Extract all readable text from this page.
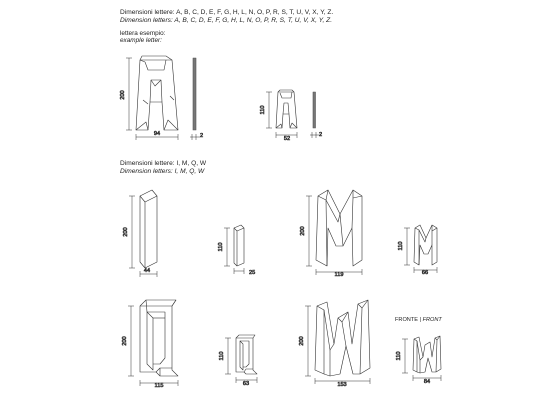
Dimensioni lettere: A, B, C, D, E, F, G, H, L, N, O, P, R, S, T, U, V, X, Y, Z.
Dimension letters: A, B, C, D, E, F, G, H, L, N, O, P, R, S, T, U, V, X, Y, Z.
lettera esempio:
example letter:
Dimensioni lettere: I, M, Q, W
Dimension letters: I, M, Q, W
FRONTE | FRONT
200
94	2
110
52
2
200
44
110
25
200
119
110
66
200
115
110
63
200
153
110
84
